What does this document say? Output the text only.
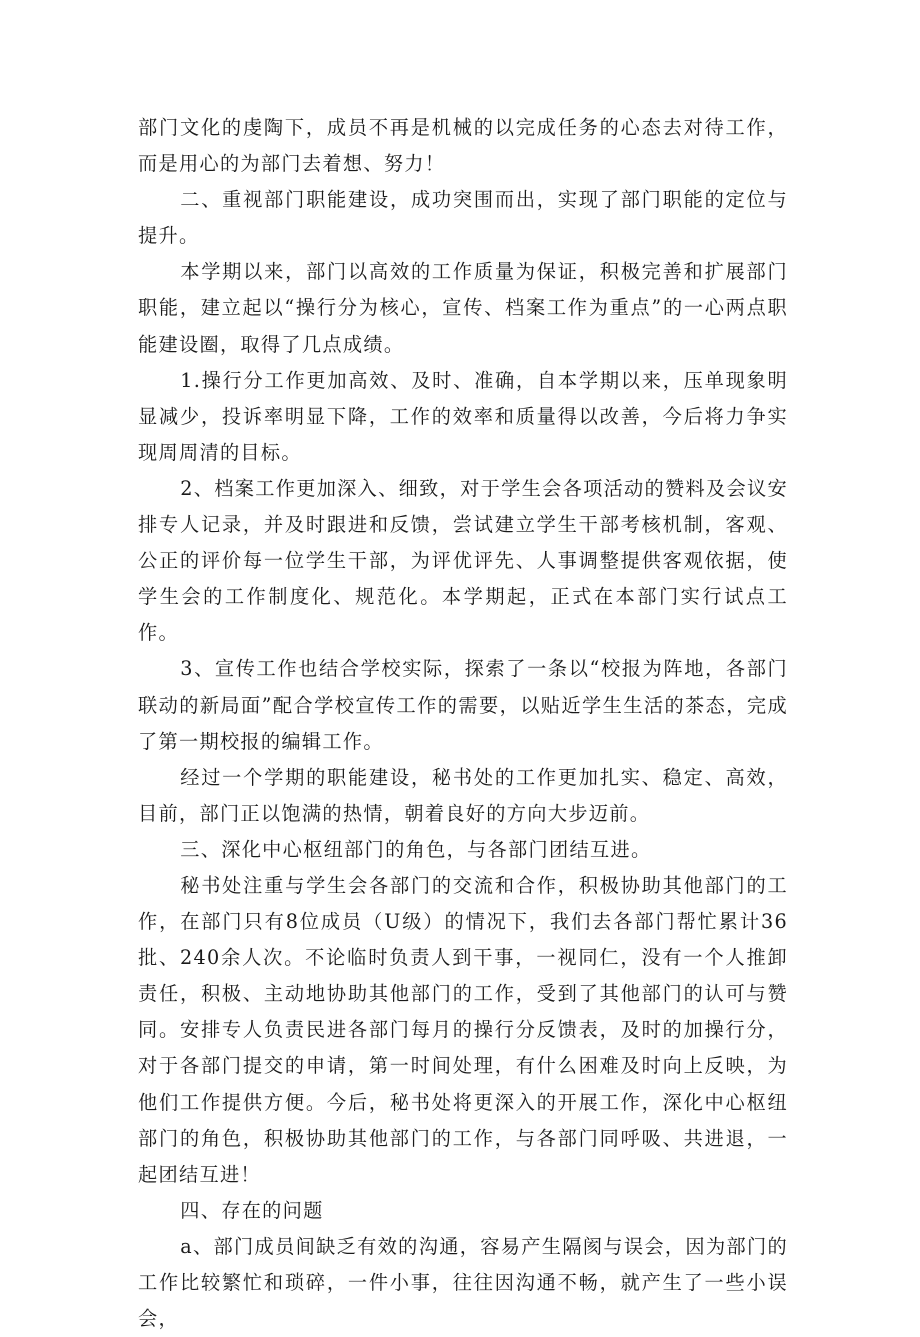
部门文化的虔陶下，成员不再是机械的以完成任务的心态去对待工作，而是用心的为部门去着想、努力！

二、重视部门职能建设，成功突围而出，实现了部门职能的定位与提升。

本学期以来，部门以高效的工作质量为保证，积极完善和扩展部门职能，建立起以“操行分为核心，宣传、档案工作为重点”的一心两点职能建设圈，取得了几点成绩。

1.操行分工作更加高效、及时、准确，自本学期以来，压单现象明显减少，投诉率明显下降，工作的效率和质量得以改善，今后将力争实现周周清的目标。

2、档案工作更加深入、细致，对于学生会各项活动的赞料及会议安排专人记录，并及时跟进和反馈，尝试建立学生干部考核机制，客观、公正的评价每一位学生干部，为评优评先、人事调整提供客观依据，使学生会的工作制度化、规范化。本学期起，正式在本部门实行试点工作。

3、宣传工作也结合学校实际，探索了一条以“校报为阵地，各部门联动的新局面”配合学校宣传工作的需要，以贴近学生生活的茶态，完成了第一期校报的编辑工作。

经过一个学期的职能建设，秘书处的工作更加扎实、稳定、高效，目前，部门正以饱满的热情，朝着良好的方向大步迈前。

三、深化中心枢纽部门的角色，与各部门团结互进。

秘书处注重与学生会各部门的交流和合作，积极协助其他部门的工作，在部门只有8位成员（U级）的情况下，我们去各部门帮忙累计36批、240余人次。不论临时负责人到干事，一视同仁，没有一个人推卸责任，积极、主动地协助其他部门的工作，受到了其他部门的认可与赞同。安排专人负责民进各部门每月的操行分反馈表，及时的加操行分，对于各部门提交的申请，第一时间处理，有什么困难及时向上反映，为他们工作提供方便。今后，秘书处将更深入的开展工作，深化中心枢纽部门的角色，积极协助其他部门的工作，与各部门同呼吸、共进退，一起团结互进！

四、存在的问题

a、部门成员间缺乏有效的沟通，容易产生隔阂与误会，因为部门的工作比较繁忙和琐碎，一件小事，往往因沟通不畅，就产生了一些小误会，
